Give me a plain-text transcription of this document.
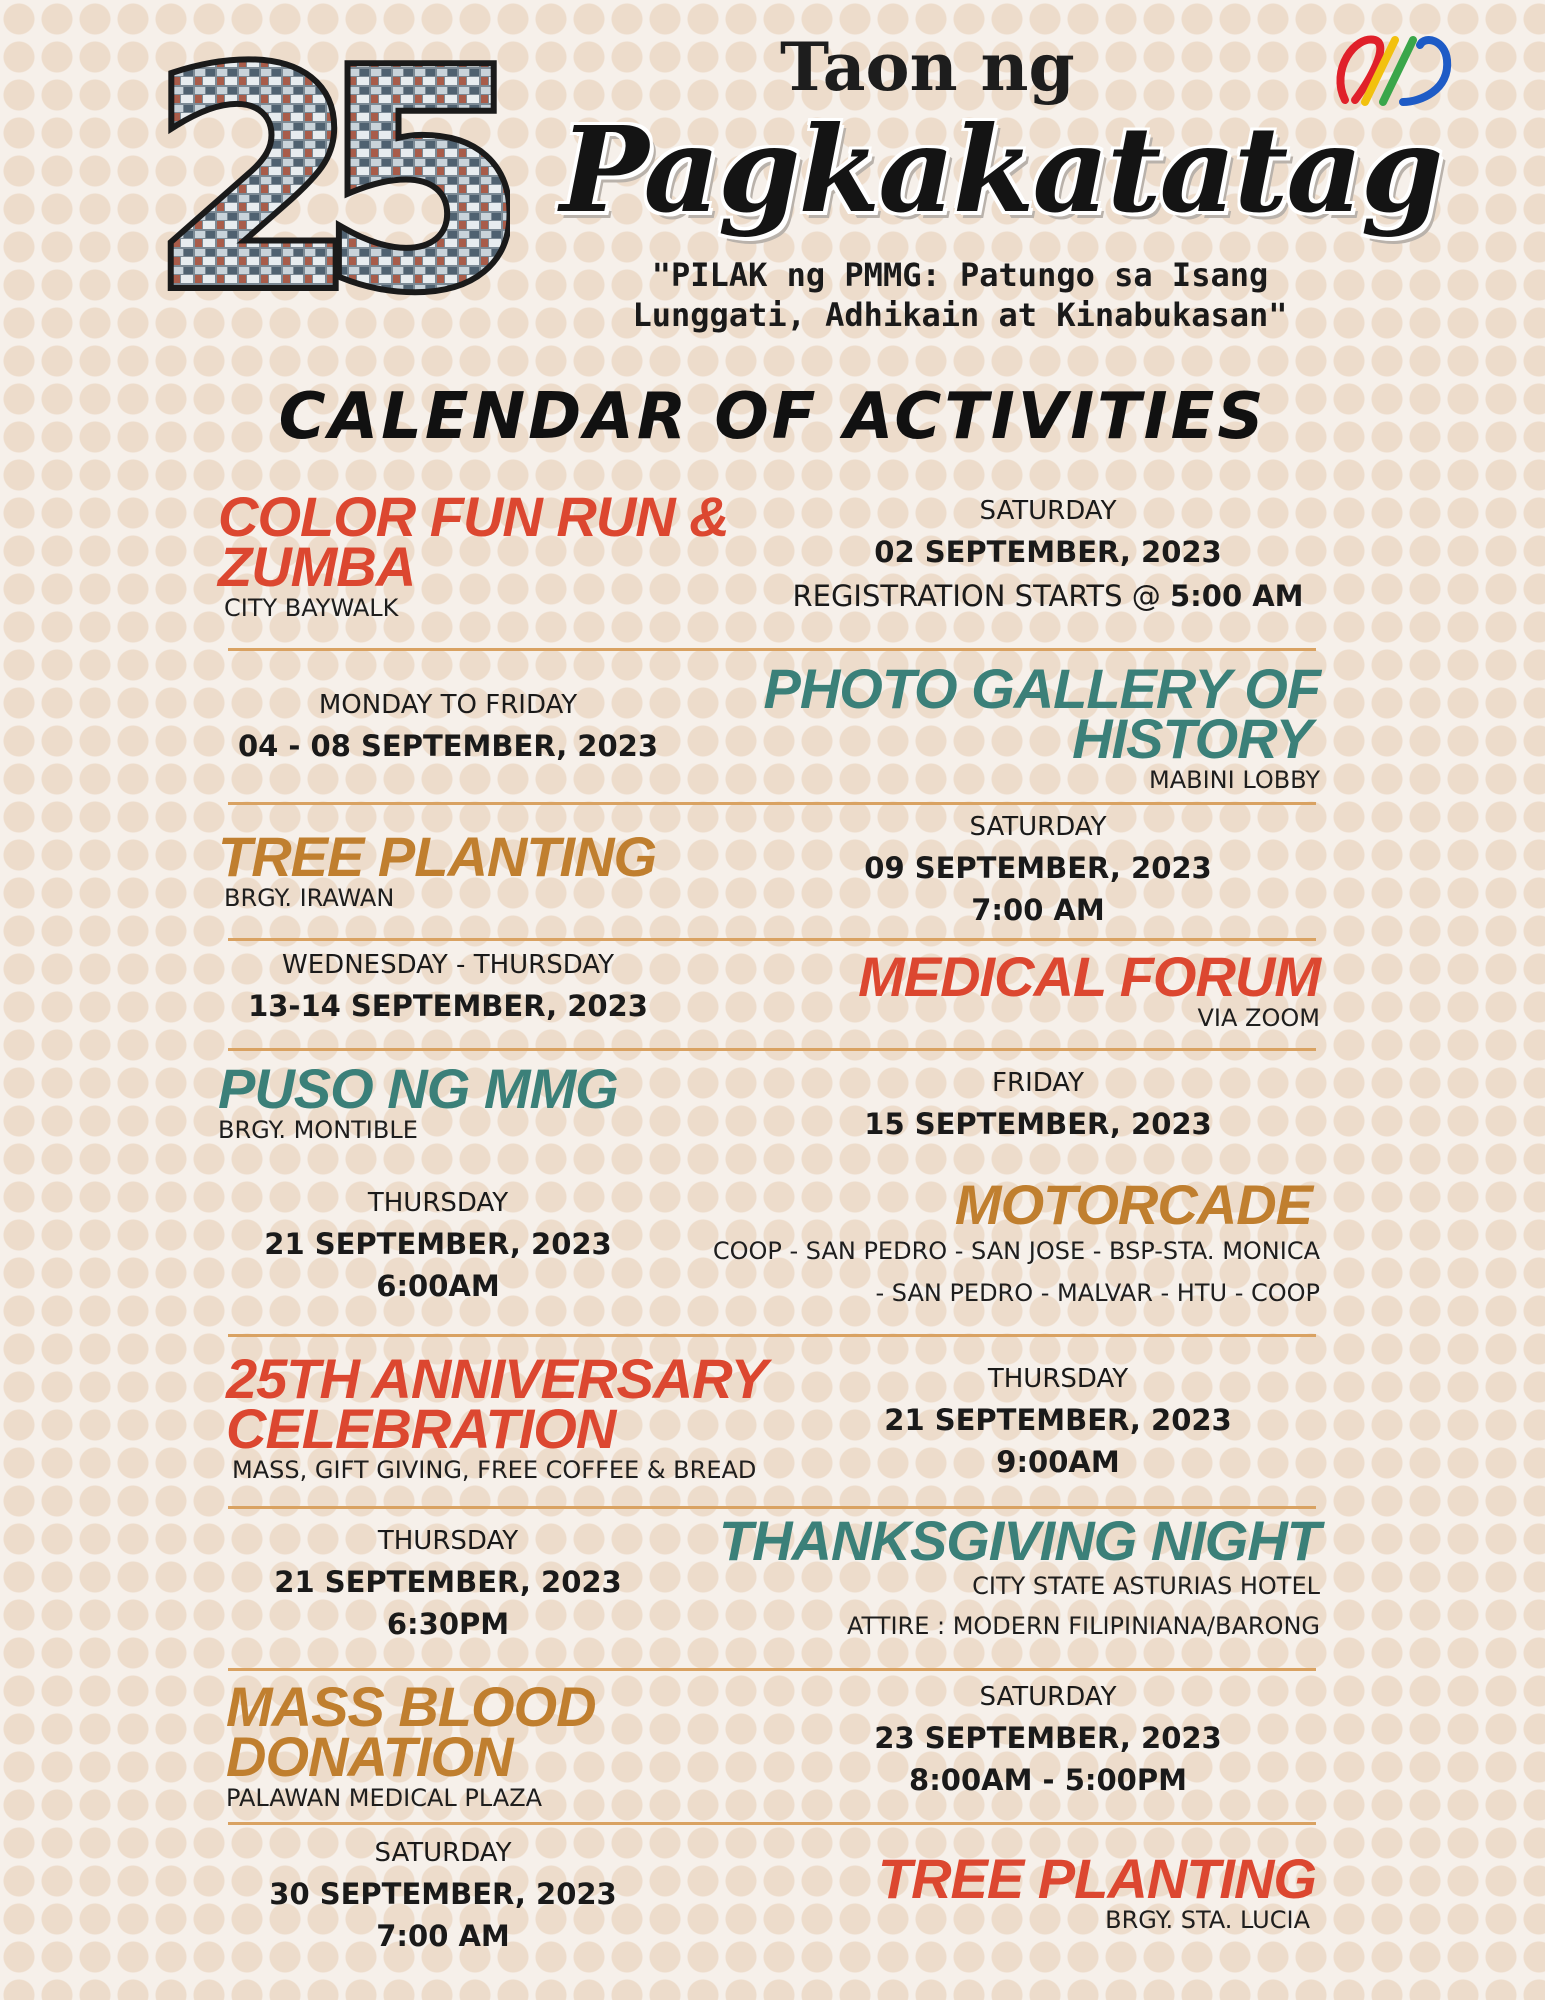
25	Taon ng
Pagkakatatag
"PILAK ng PMMG: Patungo sa Isang
Lunggati, Adhikain at Kinabukasan"
CALENDAR OF ACTIVITIES
COLOR FUN RUN &
ZUMBA
CITY BAYWALK
SATURDAY
02 SEPTEMBER, 2023
REGISTRATION STARTS @ 5:00 AM
MONDAY TO FRIDAY
04 - 08 SEPTEMBER, 2023
PHOTO GALLERY OF
HISTORY
MABINI LOBBY
TREE PLANTING
BRGY. IRAWAN
SATURDAY
09 SEPTEMBER, 2023
7:00 AM
WEDNESDAY - THURSDAY
13-14 SEPTEMBER, 2023	MEDICAL FORUM
VIA ZOOM
PUSO NG MMG
BRGY. MONTIBLE
FRIDAY
15 SEPTEMBER, 2023
THURSDAY
21 SEPTEMBER, 2023
6:00AM
MOTORCADE
COOP - SAN PEDRO - SAN JOSE - BSP-STA. MONICA
- SAN PEDRO - MALVAR - HTU - COOP
25TH ANNIVERSARY
CELEBRATION
MASS, GIFT GIVING, FREE COFFEE & BREAD
THURSDAY
21 SEPTEMBER, 2023
9:00AM
THURSDAY
21 SEPTEMBER, 2023
6:30PM
THANKSGIVING NIGHT
CITY STATE ASTURIAS HOTEL
ATTIRE : MODERN FILIPINIANA/BARONG
MASS BLOOD
DONATION
PALAWAN MEDICAL PLAZA
SATURDAY
23 SEPTEMBER, 2023
8:00AM - 5:00PM
SATURDAY
30 SEPTEMBER, 2023
7:00 AM
TREE PLANTING
BRGY. STA. LUCIA
